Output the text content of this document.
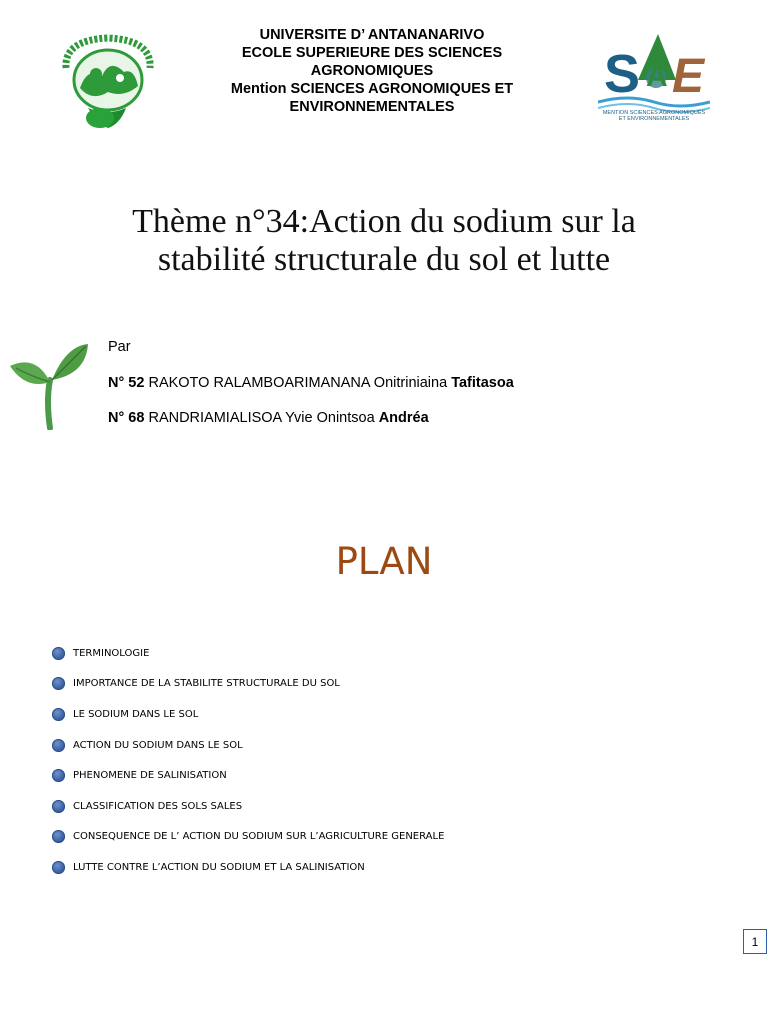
UNIVERSITE D’ ANTANANARIVO
ECOLE SUPERIEURE DES SCIENCES
AGRONOMIQUES
Mention SCIENCES AGRONOMIQUES ET
ENVIRONNEMENTALES
S A E
MENTION SCIENCES AGRONOMIQUES
ET ENVIRONNEMENTALES
Thème n°34:Action du sodium sur la
stabilité structurale du sol et lutte
Par
N° 52 RAKOTO RALAMBOARIMANANA Onitriniaina Tafitasoa
N° 68 RANDRIAMIALISOA Yvie Onintsoa Andréa
PLAN
TERMINOLOGIE
IMPORTANCE DE LA STABILITE STRUCTURALE DU SOL
LE SODIUM DANS LE SOL
ACTION DU SODIUM DANS LE SOL
PHENOMENE DE SALINISATION
CLASSIFICATION DES SOLS SALES
CONSEQUENCE DE L’ ACTION DU SODIUM SUR L’AGRICULTURE GENERALE
LUTTE CONTRE L’ACTION DU SODIUM ET LA SALINISATION
1
